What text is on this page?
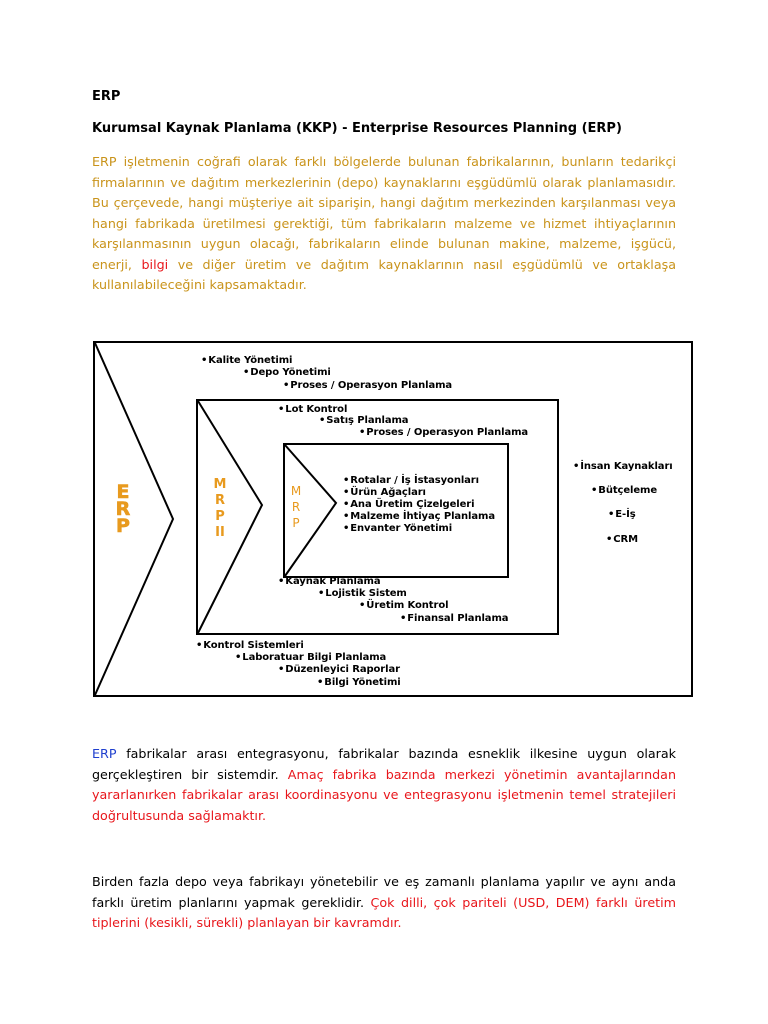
ERP
Kurumsal Kaynak Planlama (KKP) - Enterprise Resources Planning (ERP)

ERP işletmenin coğrafi olarak farklı bölgelerde bulunan fabrikalarının, bunların tedarikçi firmalarının ve dağıtım merkezlerinin (depo) kaynaklarını eşgüdümlü olarak planlamasıdır. Bu çerçevede, hangi müşteriye ait siparişin, hangi dağıtım merkezinden karşılanması veya hangi fabrikada üretilmesi gerektiği, tüm fabrikaların malzeme ve hizmet ihtiyaçlarının karşılanmasının uygun olacağı, fabrikaların elinde bulunan makine, malzeme, işgücü, enerji, bilgi ve diğer üretim ve dağıtım kaynaklarının nasıl eşgüdümlü ve ortaklaşa kullanılabileceğini kapsamaktadır.

E
R
P
M
R
P
II
M
R
P
• Kalite Yönetimi
• Depo Yönetimi
• Proses / Operasyon Planlama
• Lot Kontrol
• Satış Planlama
• Proses / Operasyon Planlama
• Rotalar / İş İstasyonları
• Ürün Ağaçları
• Ana Üretim Çizelgeleri
• Malzeme İhtiyaç Planlama
• Envanter Yönetimi
• Kaynak Planlama
• Lojistik Sistem
• Üretim Kontrol
• Finansal Planlama
• Kontrol Sistemleri
• Laboratuar Bilgi Planlama
• Düzenleyici Raporlar
• Bilgi Yönetimi
• İnsan Kaynakları
• Bütçeleme
• E-İş
• CRM

ERP fabrikalar arası entegrasyonu, fabrikalar bazında esneklik ilkesine uygun olarak gerçekleştiren bir sistemdir. Amaç fabrika bazında merkezi yönetimin avantajlarından yararlanırken fabrikalar arası koordinasyonu ve entegrasyonu işletmenin temel stratejileri doğrultusunda sağlamaktır.

Birden fazla depo veya fabrikayı yönetebilir ve eş zamanlı planlama yapılır ve aynı anda farklı üretim planlarını yapmak gereklidir. Çok dilli, çok pariteli (USD, DEM) farklı üretim tiplerini (kesikli, sürekli) planlayan bir kavramdır.
